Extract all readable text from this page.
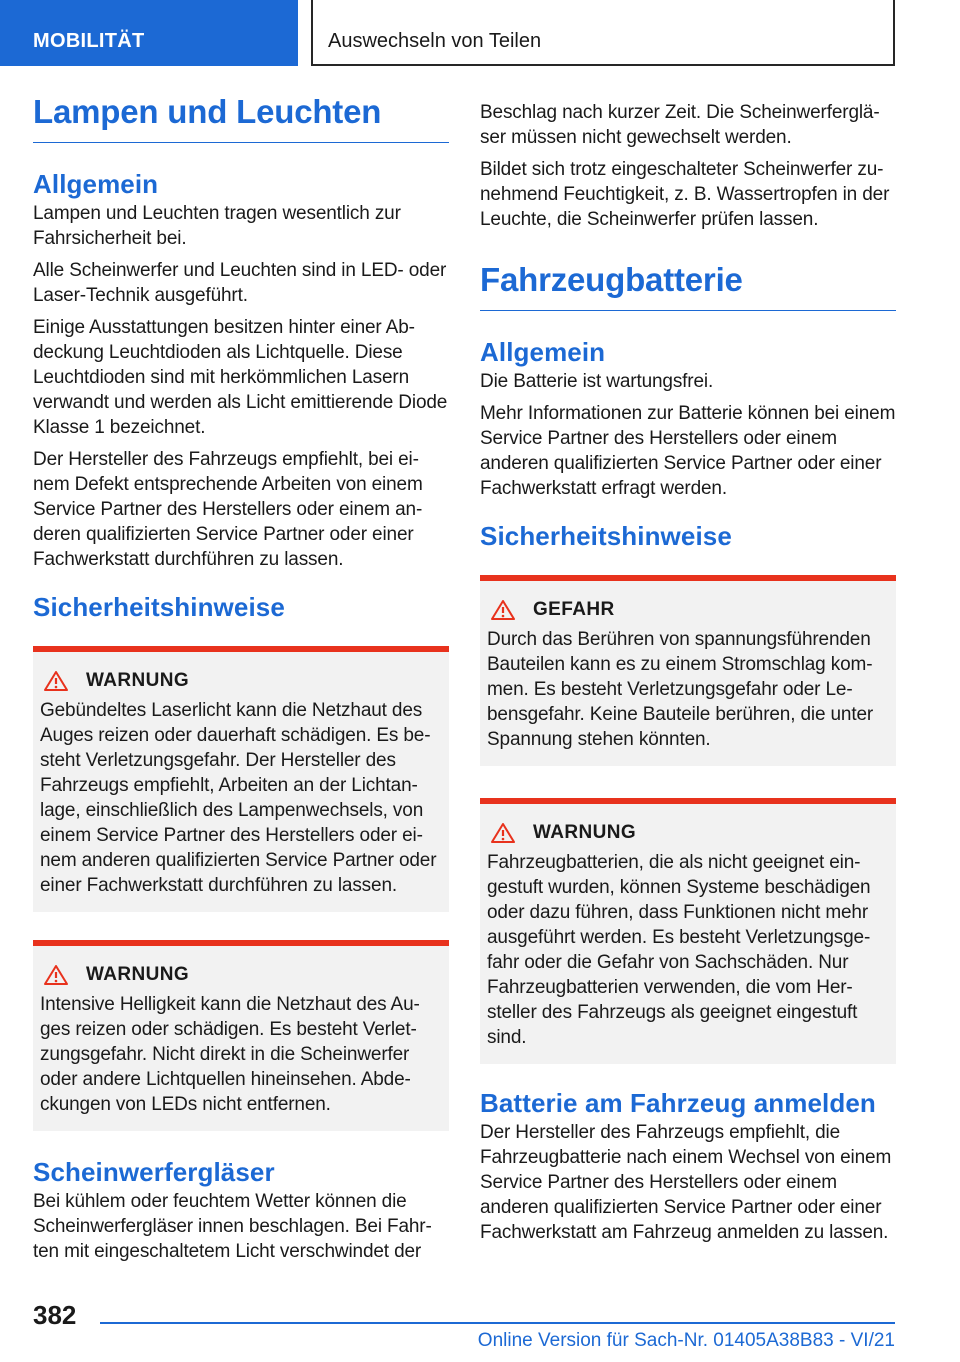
MOBILITÄT	Auswechseln von Teilen
Lampen und Leuchten
Allgemein

Lampen und Leuchten tragen wesentlich zur Fahrsicherheit bei.

Alle Scheinwerfer und Leuchten sind in LED- oder Laser-Technik ausgeführt.

Einige Ausstattungen besitzen hinter einer Abdeckung Leuchtdioden als Lichtquelle. Diese Leuchtdioden sind mit herkömmlichen Lasern verwandt und werden als Licht emittierende Diode Klasse 1 bezeichnet.

Der Hersteller des Fahrzeugs empfiehlt, bei einem Defekt entsprechende Arbeiten von einem Service Partner des Herstellers oder einem anderen qualifizierten Service Partner oder einer Fachwerkstatt durchführen zu lassen.

Sicherheitshinweise
WARNUNG
Gebündeltes Laserlicht kann die Netzhaut des Auges reizen oder dauerhaft schädigen. Es besteht Verletzungsgefahr. Der Hersteller des Fahrzeugs empfiehlt, Arbeiten an der Lichtanlage, einschließlich des Lampenwechsels, von einem Service Partner des Herstellers oder einem anderen qualifizierten Service Partner oder einer Fachwerkstatt durchführen zu lassen.
WARNUNG
Intensive Helligkeit kann die Netzhaut des Auges reizen oder schädigen. Es besteht Verletzungsgefahr. Nicht direkt in die Scheinwerfer oder andere Lichtquellen hineinsehen. Abdeckungen von LEDs nicht entfernen.
Scheinwerfergläser

Bei kühlem oder feuchtem Wetter können die Scheinwerfergläser innen beschlagen. Bei Fahrten mit eingeschaltetem Licht verschwindet der

Beschlag nach kurzer Zeit. Die Scheinwerfergläser müssen nicht gewechselt werden.

Bildet sich trotz eingeschalteter Scheinwerfer zunehmend Feuchtigkeit, z. B. Wassertropfen in der Leuchte, die Scheinwerfer prüfen lassen.

Fahrzeugbatterie
Allgemein

Die Batterie ist wartungsfrei.

Mehr Informationen zur Batterie können bei einem Service Partner des Herstellers oder einem anderen qualifizierten Service Partner oder einer Fachwerkstatt erfragt werden.

Sicherheitshinweise
GEFAHR
Durch das Berühren von spannungsführenden Bauteilen kann es zu einem Stromschlag kommen. Es besteht Verletzungsgefahr oder Lebensgefahr. Keine Bauteile berühren, die unter Spannung stehen könnten.
WARNUNG
Fahrzeugbatterien, die als nicht geeignet eingestuft wurden, können Systeme beschädigen oder dazu führen, dass Funktionen nicht mehr ausgeführt werden. Es besteht Verletzungsgefahr oder die Gefahr von Sachschäden. Nur Fahrzeugbatterien verwenden, die vom Hersteller des Fahrzeugs als geeignet eingestuft sind.
Batterie am Fahrzeug anmelden

Der Hersteller des Fahrzeugs empfiehlt, die Fahrzeugbatterie nach einem Wechsel von einem Service Partner des Herstellers oder einem anderen qualifizierten Service Partner oder einer Fachwerkstatt am Fahrzeug anmelden zu lassen.

382
Online Version für Sach-Nr. 01405A38B83 - VI/21
